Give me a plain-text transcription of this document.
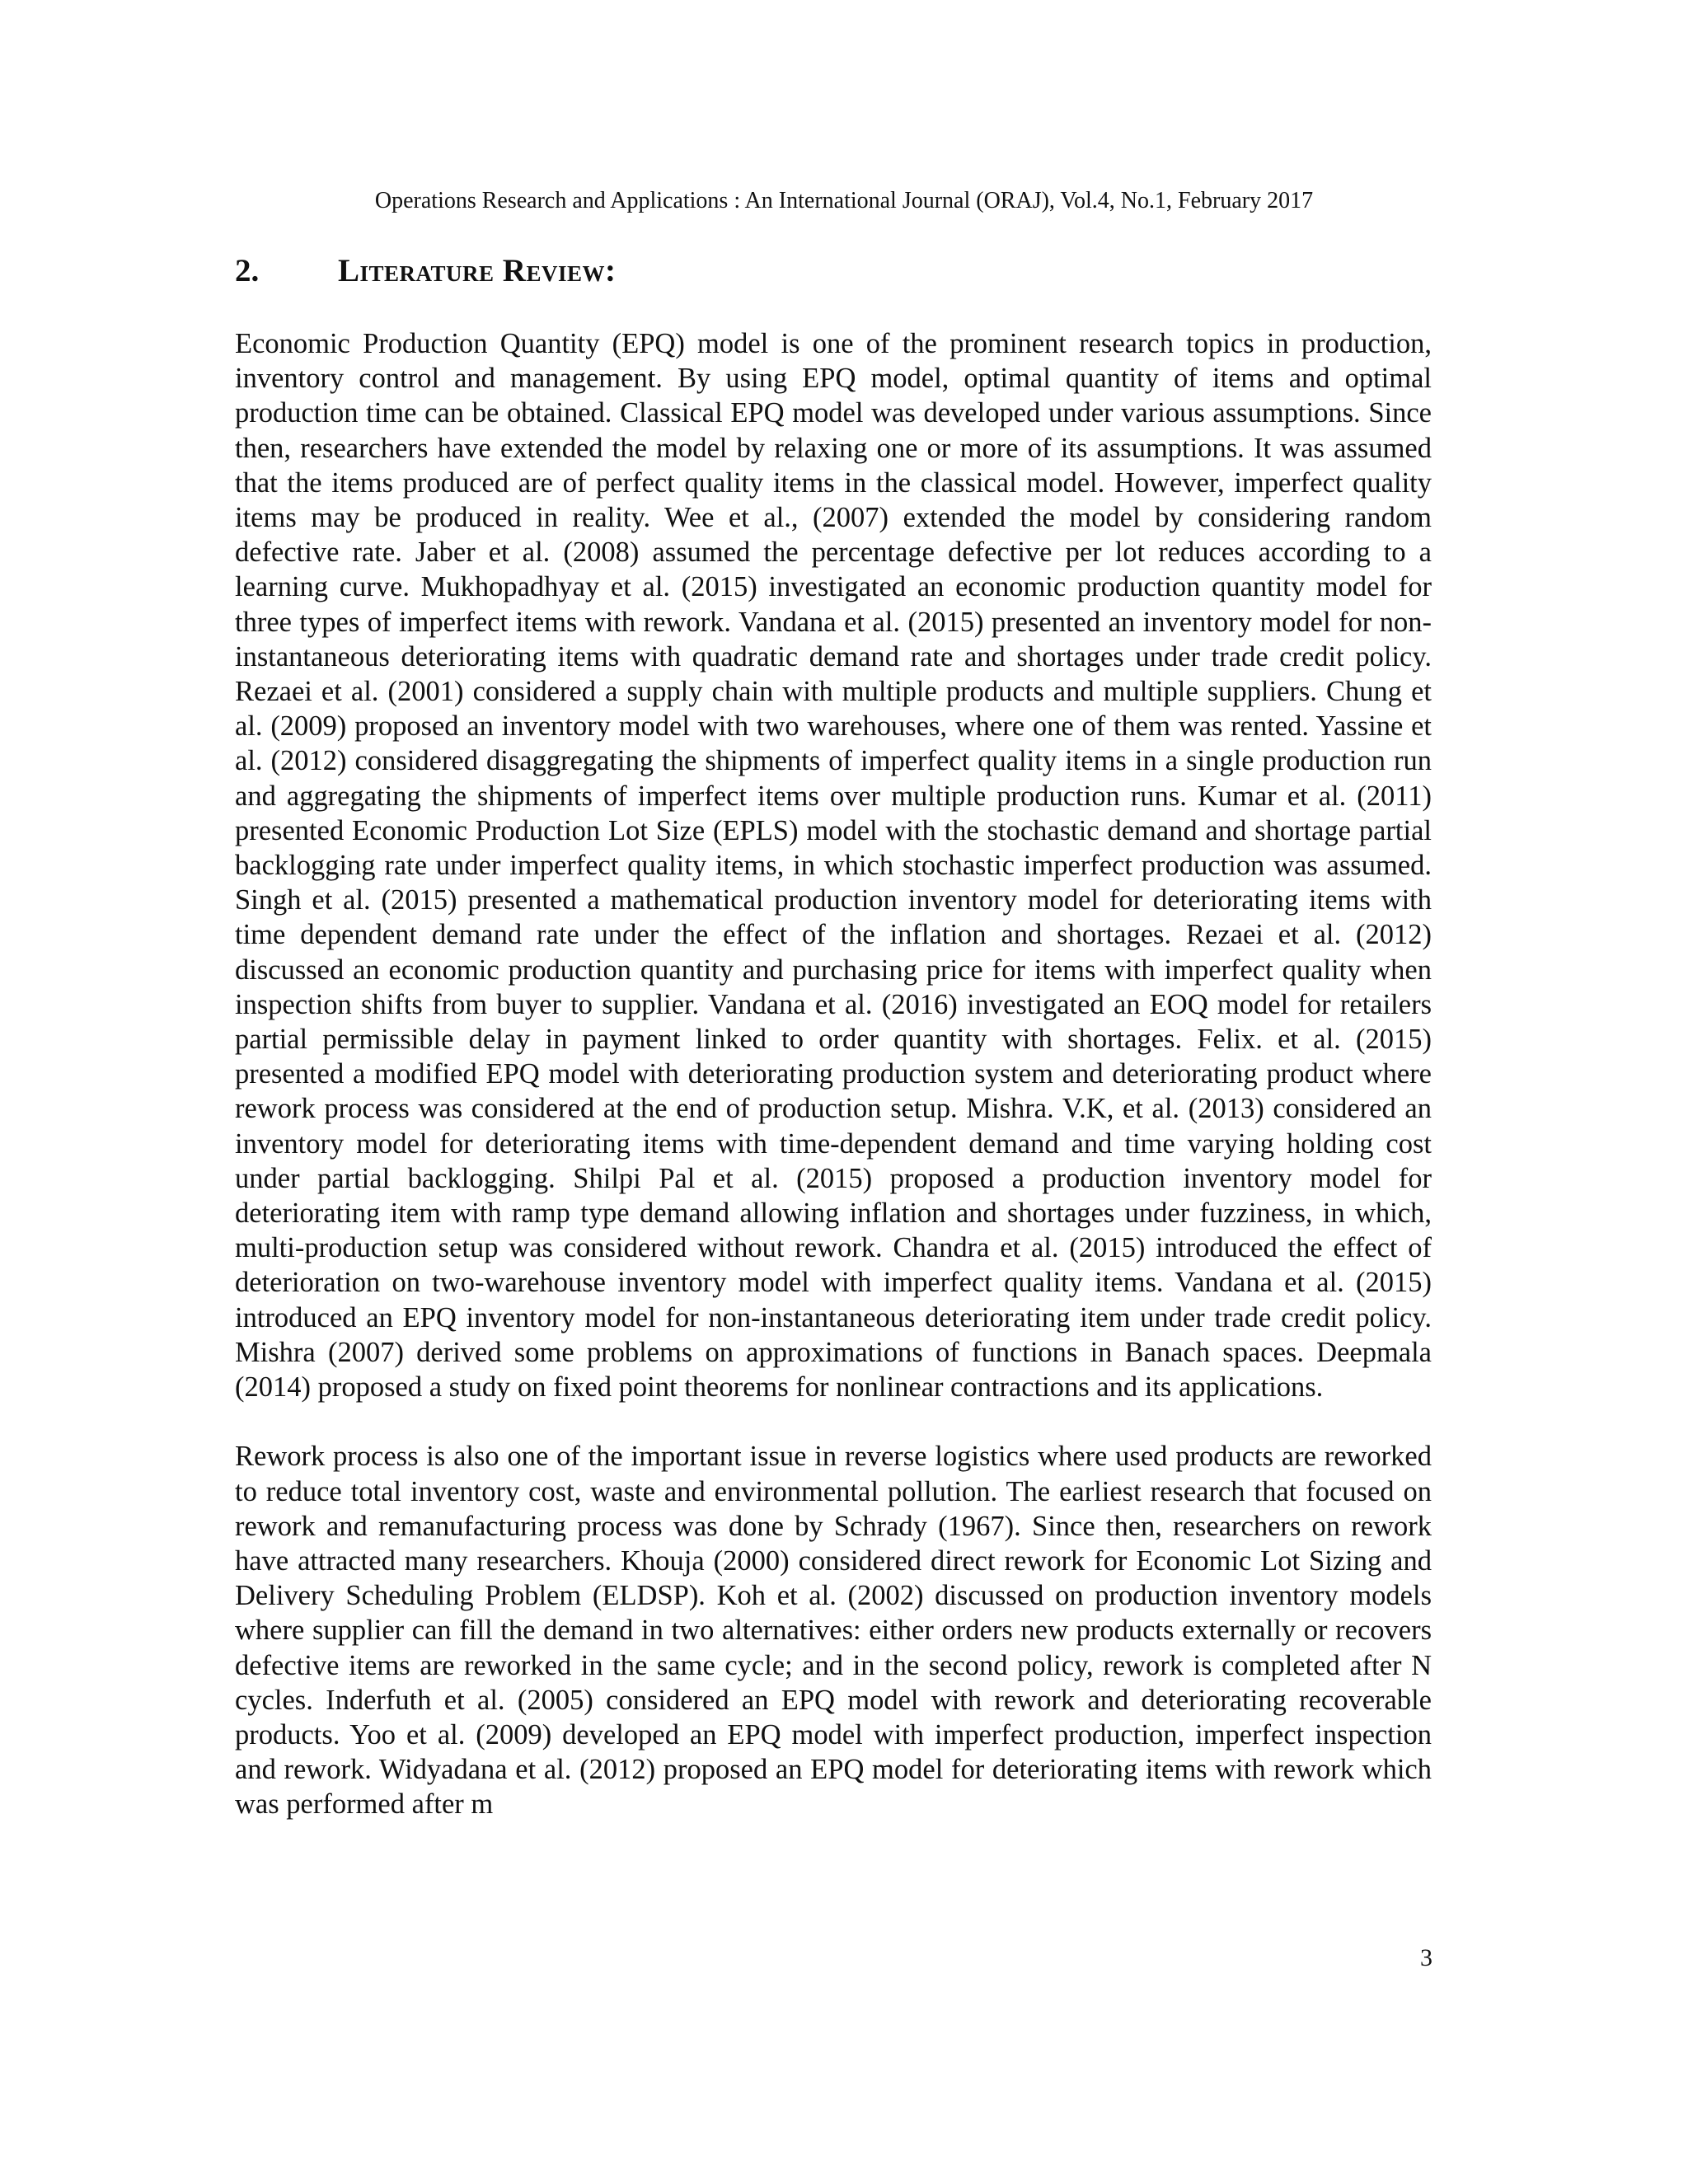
Operations Research and Applications : An International Journal (ORAJ), Vol.4, No.1, February 2017
2. Literature Review:

Economic Production Quantity (EPQ) model is one of the prominent research topics in production, inventory control and management. By using EPQ model, optimal quantity of items and optimal production time can be obtained. Classical EPQ model was developed under various assumptions. Since then, researchers have extended the model by relaxing one or more of its assumptions. It was assumed that the items produced are of perfect quality items in the classical model. However, imperfect quality items may be produced in reality. Wee et al., (2007) extended the model by considering random defective rate. Jaber et al. (2008) assumed the percentage defective per lot reduces according to a learning curve. Mukhopadhyay et al. (2015) investigated an economic production quantity model for three types of imperfect items with rework. Vandana et al. (2015) presented an inventory model for non-instantaneous deteriorating items with quadratic demand rate and shortages under trade credit policy. Rezaei et al. (2001) considered a supply chain with multiple products and multiple suppliers. Chung et al. (2009) proposed an inventory model with two warehouses, where one of them was rented. Yassine et al. (2012) considered disaggregating the shipments of imperfect quality items in a single production run and aggregating the shipments of imperfect items over multiple production runs. Kumar et al. (2011) presented Economic Production Lot Size (EPLS) model with the stochastic demand and shortage partial backlogging rate under imperfect quality items, in which stochastic imperfect production was assumed. Singh et al. (2015) presented a mathematical production inventory model for deteriorating items with time dependent demand rate under the effect of the inflation and shortages. Rezaei et al. (2012) discussed an economic production quantity and purchasing price for items with imperfect quality when inspection shifts from buyer to supplier. Vandana et al. (2016) investigated an EOQ model for retailers partial permissible delay in payment linked to order quantity with shortages. Felix. et al. (2015) presented a modified EPQ model with deteriorating production system and deteriorating product where rework process was considered at the end of production setup. Mishra. V.K, et al. (2013) considered an inventory model for deteriorating items with time-dependent demand and time varying holding cost under partial backlogging. Shilpi Pal et al. (2015) proposed a production inventory model for deteriorating item with ramp type demand allowing inflation and shortages under fuzziness, in which, multi-production setup was considered without rework. Chandra et al. (2015) introduced the effect of deterioration on two-warehouse inventory model with imperfect quality items. Vandana et al. (2015) introduced an EPQ inventory model for non-instantaneous deteriorating item under trade credit policy. Mishra (2007) derived some problems on approximations of functions in Banach spaces. Deepmala (2014) proposed a study on fixed point theorems for nonlinear contractions and its applications.

Rework process is also one of the important issue in reverse logistics where used products are reworked to reduce total inventory cost, waste and environmental pollution. The earliest research that focused on rework and remanufacturing process was done by Schrady (1967). Since then, researchers on rework have attracted many researchers. Khouja (2000) considered direct rework for Economic Lot Sizing and Delivery Scheduling Problem (ELDSP). Koh et al. (2002) discussed on production inventory models where supplier can fill the demand in two alternatives: either orders new products externally or recovers defective items are reworked in the same cycle; and in the second policy, rework is completed after N cycles. Inderfuth et al. (2005) considered an EPQ model with rework and deteriorating recoverable products. Yoo et al. (2009) developed an EPQ model with imperfect production, imperfect inspection and rework. Widyadana et al. (2012) proposed an EPQ model for deteriorating items with rework which was performed after m

3
